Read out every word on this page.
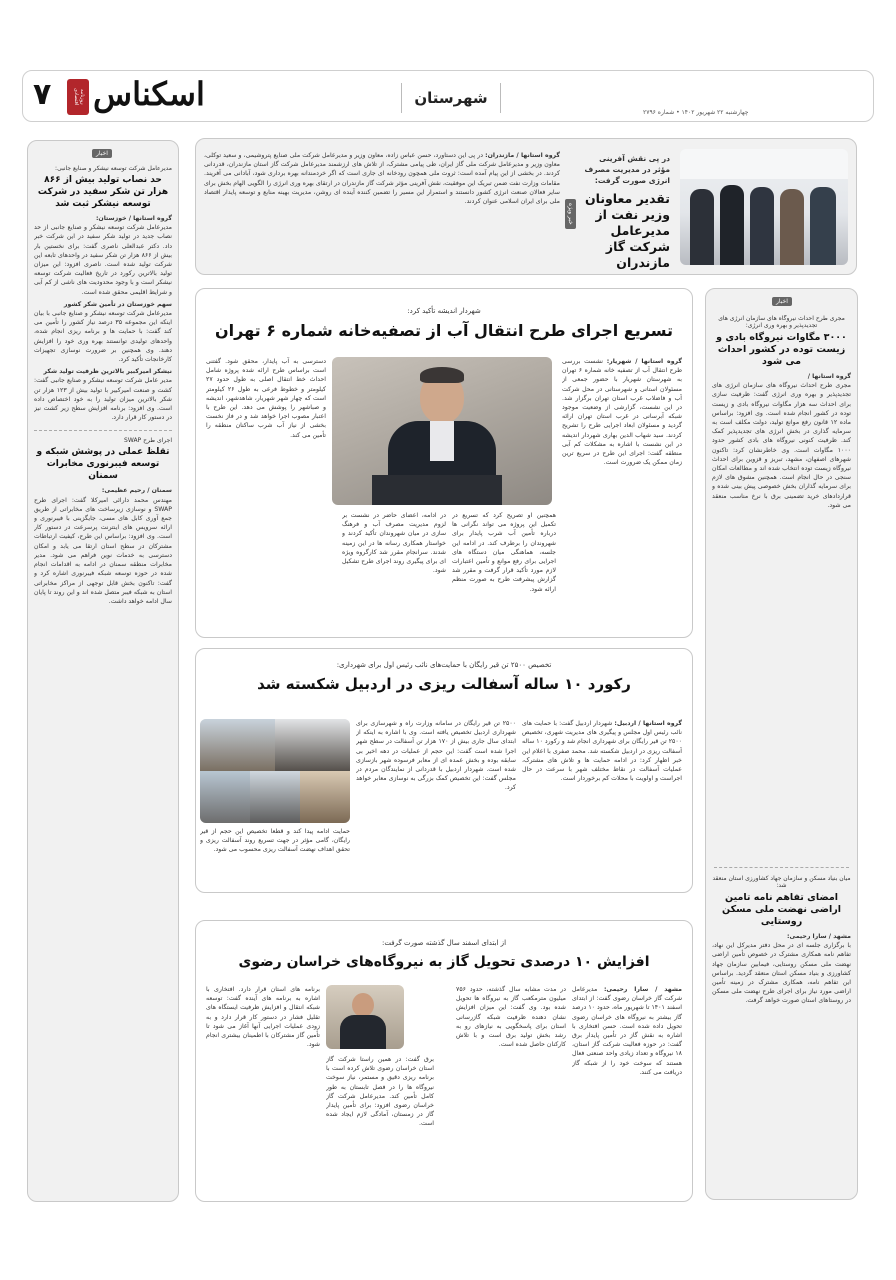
۷	روزنامه اقتصادی اسکناس	شهرستان
چهارشنبه ۲۲ شهریور ۱۴۰۲ • شماره ۲۷۹۶
در پی نقش آفرینی مؤثر در مدیریت مصرف انرژی صورت گرفت:
تقدیر معاونان وزیر نفت از مدیرعامل شرکت گاز مازندران
خبر ویژه
گروه استانها / مازندران: در پی این دستاورد، حسن عباس زاده، معاون وزیر و مدیرعامل شرکت ملی صنایع پتروشیمی، و سعید توکلی، معاون وزیر و مدیرعامل شرکت ملی گاز ایران، طی پیامی مشترک، از تلاش های ارزشمند مدیرعامل شرکت گاز استان مازندران، قدردانی کردند. در بخشی از این پیام آمده است: ثروت ملی همچون رودخانه ای جاری است که اگر خردمندانه بهره برداری شود، آبادانی می آفریند. مقامات وزارت نفت ضمن تبریک این موفقیت، نقش آفرینی مؤثر شرکت گاز مازندران در ارتقای بهره وری انرژی را الگویی الهام بخش برای سایر فعالان صنعت انرژی کشور دانستند و استمرار این مسیر را تضمین کننده آینده ای روشن، مدیریت بهینه منابع و توسعه پایدار اقتصاد ملی برای ایران اسلامی عنوان کردند.
اخبار
مدیرعامل شرکت توسعه نیشکر و صنایع جانبی:
حد نصاب تولید بیش از ۸۶۶ هزار تن شکر سفید در شرکت توسعه نیشکر ثبت شد
گروه استانها / خوزستان:
مدیرعامل شرکت توسعه نیشکر و صنایع جانبی از حد نصاب جدید در تولید شکر سفید در این شرکت خبر داد. دکتر عبدالعلی ناصری گفت: برای نخستین بار بیش از ۸۶۶ هزار تن شکر سفید در واحدهای تابعه این شرکت تولید شده است. ناصری افزود: این میزان تولید بالاترین رکورد در تاریخ فعالیت شرکت توسعه نیشکر است و با وجود محدودیت های ناشی از کم آبی و شرایط اقلیمی محقق شده است.
سهم خوزستان در تأمین شکر کشور
مدیرعامل شرکت توسعه نیشکر و صنایع جانبی با بیان اینکه این مجموعه ۳۵ درصد نیاز کشور را تأمین می کند گفت: با حمایت ها و برنامه ریزی انجام شده، واحدهای تولیدی توانستند بهره وری خود را افزایش دهند. وی همچنین بر ضرورت نوسازی تجهیزات کارخانجات تأکید کرد.
نیشکر امیرکبیر بالاترین ظرفیت تولید شکر
مدیر عامل شرکت توسعه نیشکر و صنایع جانبی گفت: کشت و صنعت امیرکبیر با تولید بیش از ۱۲۳ هزار تن شکر بالاترین میزان تولید را به خود اختصاص داده است. وی افزود: برنامه افزایش سطح زیر کشت نیز در دستور کار قرار دارد.
اجرای طرح SWAP
تقلظ عملی در پوشش شبکه و توسعه فیبرنوری مخابرات سمنان
سمنان / رحیم عظیمی:
مهندس محمد دارائی امیرکلا گفت: اجرای طرح SWAP و نوسازی زیرساخت های مخابراتی از طریق جمع آوری کابل های مسی، جایگزینی با فیبرنوری و ارائه سرویس های اینترنت پرسرعت در دستور کار است. وی افزود: براساس این طرح، کیفیت ارتباطات مشترکان در سطح استان ارتقا می یابد و امکان دسترسی به خدمات نوین فراهم می شود. مدیر مخابرات منطقه سمنان در ادامه به اقدامات انجام شده در حوزه توسعه شبکه فیبرنوری اشاره کرد و گفت: تاکنون بخش قابل توجهی از مراکز مخابراتی استان به شبکه فیبر متصل شده اند و این روند تا پایان سال ادامه خواهد داشت.
اخبار
مجری طرح احداث نیروگاه های سازمان انرژی های تجدیدپذیر و بهره وری انرژی:
۳۰۰۰ مگاوات نیروگاه بادی و زیست توده در کشور احداث می شود
گروه استانها /
مجری طرح احداث نیروگاه های سازمان انرژی های تجدیدپذیر و بهره وری انرژی گفت: ظرفیت سازی برای احداث سه هزار مگاوات نیروگاه بادی و زیست توده در کشور انجام شده است. وی افزود: براساس ماده ۱۲ قانون رفع موانع تولید، دولت مکلف است به سرمایه گذاری در بخش انرژی های تجدیدپذیر کمک کند. ظرفیت کنونی نیروگاه های بادی کشور حدود ۱۰۰۰ مگاوات است. وی خاطرنشان کرد: تاکنون شهرهای اصفهان، مشهد، تبریز و قزوین برای احداث نیروگاه زیست توده انتخاب شده اند و مطالعات امکان سنجی در حال انجام است. همچنین مشوق های لازم برای سرمایه گذاران بخش خصوصی پیش بینی شده و قراردادهای خرید تضمینی برق با نرخ مناسب منعقد می شود.
میان بنیاد مسکن و سازمان جهاد کشاورزی استان منعقد شد:
امضای تفاهم نامه تامین اراضی نهضت ملی مسکن روستایی
مشهد / سارا رحیمی:
با برگزاری جلسه ای در محل دفتر مدیرکل این نهاد، تفاهم نامه همکاری مشترک در خصوص تأمین اراضی نهضت ملی مسکن روستایی، فیمابین سازمان جهاد کشاورزی و بنیاد مسکن استان منعقد گردید. براساس این تفاهم نامه، همکاری مشترک در زمینه تأمین اراضی مورد نیاز برای اجرای طرح نهضت ملی مسکن در روستاهای استان صورت خواهد گرفت.
شهردار اندیشه تأکید کرد:
تسریع اجرای طرح انتقال آب از تصفیه‌خانه شماره ۶ تهران
گروه استانها / شهریار: نشست بررسی طرح انتقال آب از تصفیه خانه شماره ۶ تهران به شهرستان شهریار با حضور جمعی از مسئولان استانی و شهرستانی در محل شرکت آب و فاضلاب غرب استان تهران برگزار شد. در این نشست، گزارشی از وضعیت موجود شبکه آبرسانی در غرب استان تهران ارائه گردید و مسئولان ابعاد اجرایی طرح را تشریح کردند. سید شهاب الدین بهاری شهردار اندیشه در این نشست با اشاره به مشکلات کم آبی منطقه گفت: اجرای این طرح در سریع ترین زمان ممکن یک ضرورت است.
همچنین او تصریح کرد که تسریع در تکمیل این پروژه می تواند نگرانی ها درباره تأمین آب شرب پایدار برای شهروندان را برطرف کند. در ادامه این جلسه، هماهنگی میان دستگاه های اجرایی برای رفع موانع و تأمین اعتبارات لازم مورد تأکید قرار گرفت و مقرر شد گزارش پیشرفت طرح به صورت منظم ارائه شود.
در ادامه، اعضای حاضر در نشست بر لزوم مدیریت مصرف آب و فرهنگ سازی در میان شهروندان تأکید کردند و خواستار همکاری رسانه ها در این زمینه شدند. سرانجام مقرر شد کارگروه ویژه ای برای پیگیری روند اجرای طرح تشکیل شود.
دسترسی به آب پایدار، محقق شود. گفتنی است براساس طرح ارائه شده پروژه شامل احداث خط انتقال اصلی به طول حدود ۲۷ کیلومتر و خطوط فرعی به طول ۲۶ کیلومتر است که چهار شهر شهریار، شاهدشهر، اندیشه و صباشهر را پوشش می دهد. این طرح با اعتبار مصوب اجرا خواهد شد و در فاز نخست بخشی از نیاز آب شرب ساکنان منطقه را تأمین می کند.
تخصیص ۲۵۰۰ تن قیر رایگان با حمایت‌های نائب رئیس اول برای شهرداری:
رکورد ۱۰ ساله آسفالت ریزی در اردبیل شکسته شد
گروه استانها / اردبیل: شهردار اردبیل گفت: با حمایت های نائب رئیس اول مجلس و پیگیری های مدیریت شهری، تخصیص ۲۵۰۰ تن قیر رایگان برای شهرداری انجام شد و رکورد ۱۰ ساله آسفالت ریزی در اردبیل شکسته شد. محمد صفری با اعلام این خبر اظهار کرد: در ادامه حمایت ها و تلاش های مشترک، عملیات آسفالت در نقاط مختلف شهر با سرعت در حال اجراست و اولویت با محلات کم برخوردار است.
۲۵۰۰ تن قیر رایگان در سامانه وزارت راه و شهرسازی برای شهرداری اردبیل تخصیص یافته است. وی با اشاره به اینکه از ابتدای سال جاری بیش از ۱۷۰ هزار تن آسفالت در سطح شهر اجرا شده است گفت: این حجم از عملیات در دهه اخیر بی سابقه بوده و بخش عمده ای از معابر فرسوده شهر بازسازی شده است. شهردار اردبیل با قدردانی از نمایندگان مردم در مجلس گفت: این تخصیص کمک بزرگی به نوسازی معابر خواهد کرد.
حمایت ادامه پیدا کند و قطعا تخصیص این حجم از قیر رایگان، گامی مؤثر در جهت تسریع روند آسفالت ریزی و تحقق اهداف نهضت آسفالت ریزی محسوب می شود.
از ابتدای اسفند سال گذشته صورت گرفت:
افزایش ۱۰ درصدی تحویل گاز به نیروگاه‌های خراسان رضوی
مشهد / سارا رحیمی: مدیرعامل شرکت گاز خراسان رضوی گفت: از ابتدای اسفند ۱۴۰۱ تا شهریور ماه، حدود ۱۰ درصد گاز بیشتر به نیروگاه های خراسان رضوی تحویل داده شده است. حسن افتخاری با اشاره به نقش گاز در تأمین پایدار برق گفت: در حوزه فعالیت شرکت گاز استان، ۱۸ نیروگاه و تعداد زیادی واحد صنعتی فعال هستند که سوخت خود را از شبکه گاز دریافت می کنند.
در مدت مشابه سال گذشته، حدود ۷۵۶ میلیون مترمکعب گاز به نیروگاه ها تحویل شده بود. وی گفت: این میزان افزایش نشان دهنده ظرفیت شبکه گازرسانی استان برای پاسخگویی به نیازهای رو به رشد بخش تولید برق است و با تلاش کارکنان حاصل شده است.
برق گفت: در همین راستا شرکت گاز استان خراسان رضوی تلاش کرده است با برنامه ریزی دقیق و مستمر، نیاز سوخت نیروگاه ها را در فصل تابستان به طور کامل تأمین کند. مدیرعامل شرکت گاز خراسان رضوی افزود: برای تأمین پایدار گاز در زمستان، آمادگی لازم ایجاد شده است.
برنامه های استان قرار دارد. افتخاری با اشاره به برنامه های آینده گفت: توسعه شبکه انتقال و افزایش ظرفیت ایستگاه های تقلیل فشار در دستور کار قرار دارد و به زودی عملیات اجرایی آنها آغاز می شود تا تأمین گاز مشترکان با اطمینان بیشتری انجام شود.
